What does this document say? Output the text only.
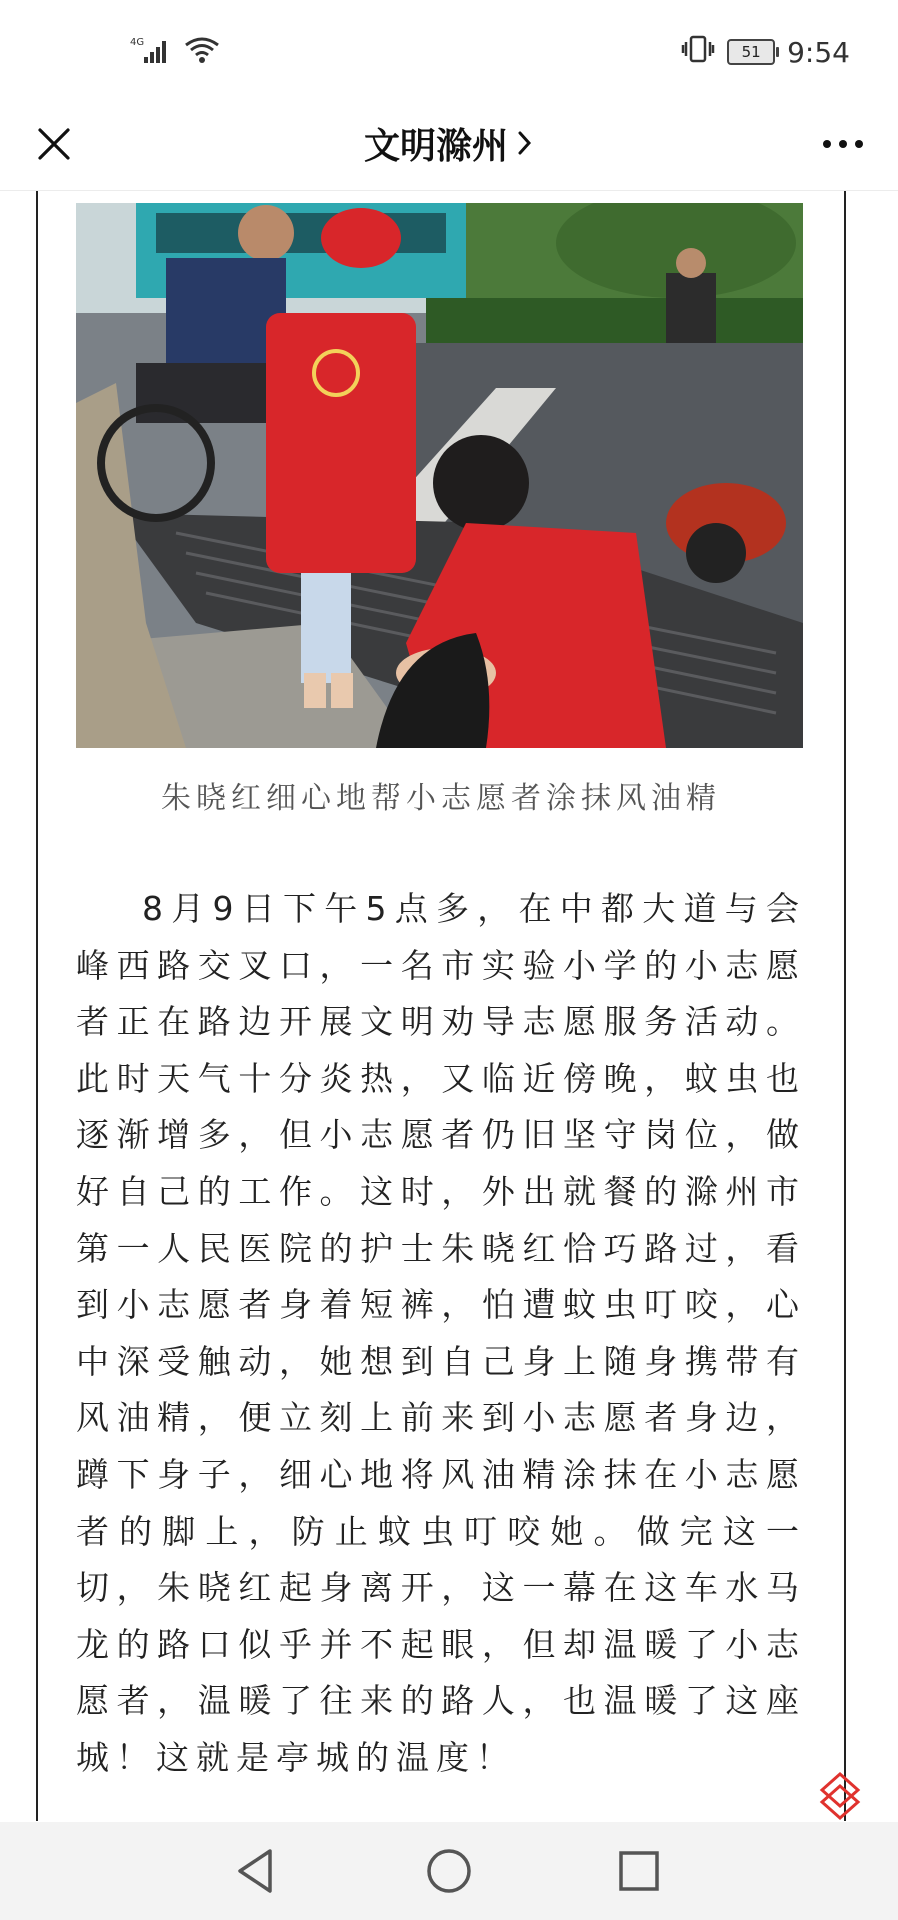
4G
51 9:54
文明滁州
朱晓红细心地帮小志愿者涂抹风油精
8月9日下午5点多，在中都大道与会峰西路交叉口，一名市实验小学的小志愿者正在路边开展文明劝导志愿服务活动。此时天气十分炎热，又临近傍晚，蚊虫也逐渐增多，但小志愿者仍旧坚守岗位，做好自己的工作。这时，外出就餐的滁州市第一人民医院的护士朱晓红恰巧路过，看到小志愿者身着短裤，怕遭蚊虫叮咬，心中深受触动，她想到自己身上随身携带有风油精，便立刻上前来到小志愿者身边，蹲下身子，细心地将风油精涂抹在小志愿者的脚上，防止蚊虫叮咬她。做完这一切，朱晓红起身离开，这一幕在这车水马龙的路口似乎并不起眼，但却温暖了小志愿者，温暖了往来的路人，也温暖了这座城！这就是亭城的温度！
